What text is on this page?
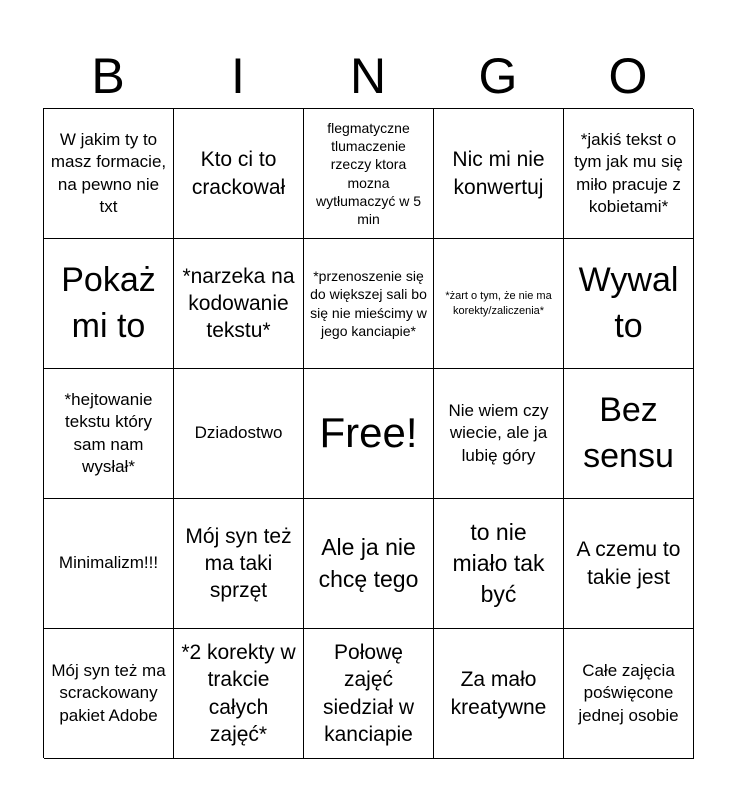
B	I	N	G	O
W jakim ty to masz formacie, na pewno nie txt
Kto ci to crackował
flegmatyczne tlumaczenie rzeczy ktora mozna wytłumaczyć w 5 min
Nic mi nie konwertuj
*jakiś tekst o tym jak mu się miło pracuje z kobietami*
Pokaż mi to
*narzeka na kodowanie tekstu*
*przenoszenie się do większej sali bo się nie mieścimy w jego kanciapie*
*żart o tym, że nie ma korekty/zaliczenia*
Wywal to
*hejtowanie tekstu który sam nam wysłał*
Dziadostwo Free!	Nie wiem czy wiecie, ale ja lubię góry
Bez sensu
Minimalizm!!!
Mój syn też ma taki sprzęt
Ale ja nie chcę tego
to nie miało tak być
A czemu to takie jest
Mój syn też ma scrackowany pakiet Adobe
*2 korekty w trakcie całych zajęć*
Połowę zajęć siedział w kanciapie
Za mało kreatywne
Całe zajęcia poświęcone jednej osobie
